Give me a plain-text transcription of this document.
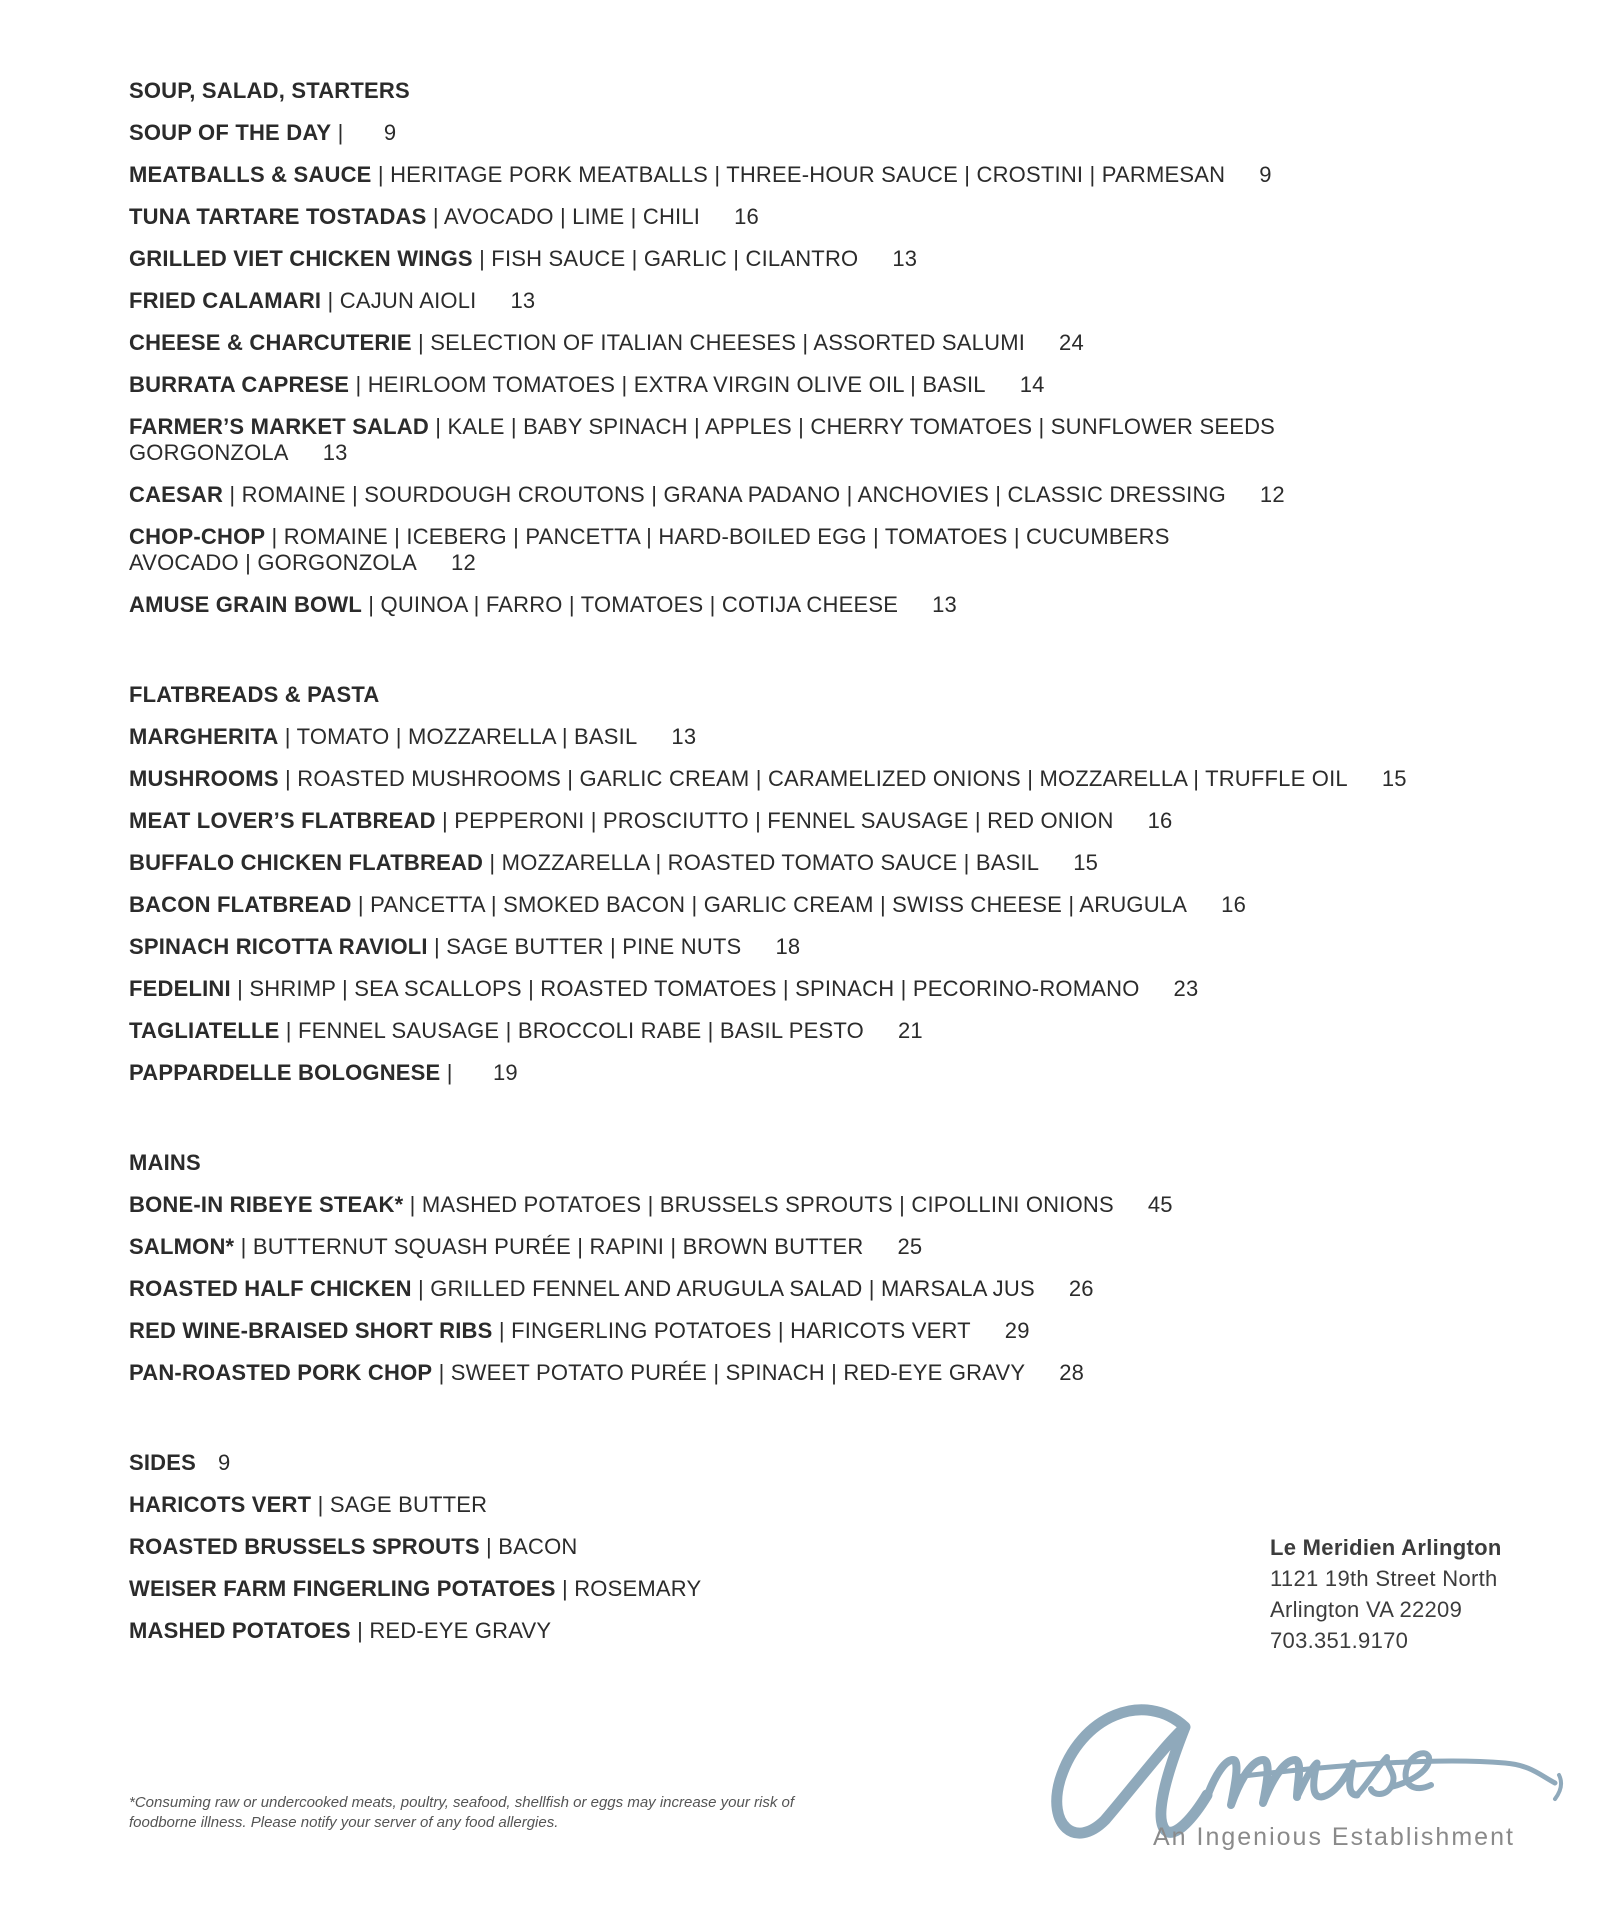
SOUP, SALAD, STARTERS
SOUP OF THE DAY | 9
MEATBALLS & SAUCE | HERITAGE PORK MEATBALLS | THREE-HOUR SAUCE | CROSTINI | PARMESAN 9
TUNA TARTARE TOSTADAS | AVOCADO | LIME | CHILI 16
GRILLED VIET CHICKEN WINGS | FISH SAUCE | GARLIC | CILANTRO 13
FRIED CALAMARI | CAJUN AIOLI 13
CHEESE & CHARCUTERIE | SELECTION OF ITALIAN CHEESES | ASSORTED SALUMI 24
BURRATA CAPRESE | HEIRLOOM TOMATOES | EXTRA VIRGIN OLIVE OIL | BASIL 14
FARMER’S MARKET SALAD | KALE | BABY SPINACH | APPLES | CHERRY TOMATOES | SUNFLOWER SEEDS
GORGONZOLA 13
CAESAR | ROMAINE | SOURDOUGH CROUTONS | GRANA PADANO | ANCHOVIES | CLASSIC DRESSING 12
CHOP-CHOP | ROMAINE | ICEBERG | PANCETTA | HARD-BOILED EGG | TOMATOES | CUCUMBERS
AVOCADO | GORGONZOLA 12
AMUSE GRAIN BOWL | QUINOA | FARRO | TOMATOES | COTIJA CHEESE 13
FLATBREADS & PASTA
MARGHERITA | TOMATO | MOZZARELLA | BASIL 13
MUSHROOMS | ROASTED MUSHROOMS | GARLIC CREAM | CARAMELIZED ONIONS | MOZZARELLA | TRUFFLE OIL 15
MEAT LOVER’S FLATBREAD | PEPPERONI | PROSCIUTTO | FENNEL SAUSAGE | RED ONION 16
BUFFALO CHICKEN FLATBREAD | MOZZARELLA | ROASTED TOMATO SAUCE | BASIL 15
BACON FLATBREAD | PANCETTA | SMOKED BACON | GARLIC CREAM | SWISS CHEESE | ARUGULA 16
SPINACH RICOTTA RAVIOLI | SAGE BUTTER | PINE NUTS 18
FEDELINI | SHRIMP | SEA SCALLOPS | ROASTED TOMATOES | SPINACH | PECORINO-ROMANO 23
TAGLIATELLE | FENNEL SAUSAGE | BROCCOLI RABE | BASIL PESTO 21
PAPPARDELLE BOLOGNESE | 19
MAINS
BONE-IN RIBEYE STEAK* | MASHED POTATOES | BRUSSELS SPROUTS | CIPOLLINI ONIONS 45
SALMON* | BUTTERNUT SQUASH PURÉE | RAPINI | BROWN BUTTER 25
ROASTED HALF CHICKEN | GRILLED FENNEL AND ARUGULA SALAD | MARSALA JUS 26
RED WINE-BRAISED SHORT RIBS | FINGERLING POTATOES | HARICOTS VERT 29
PAN-ROASTED PORK CHOP | SWEET POTATO PURÉE | SPINACH | RED-EYE GRAVY 28
SIDES 9
HARICOTS VERT | SAGE BUTTER
ROASTED BRUSSELS SPROUTS | BACON
WEISER FARM FINGERLING POTATOES | ROSEMARY
MASHED POTATOES | RED-EYE GRAVY
Le Meridien Arlington
1121 19th Street North
Arlington VA 22209
703.351.9170
An Ingenious Establishment
*Consuming raw or undercooked meats, poultry, seafood, shellfish or eggs may increase your risk of
foodborne illness. Please notify your server of any food allergies.
